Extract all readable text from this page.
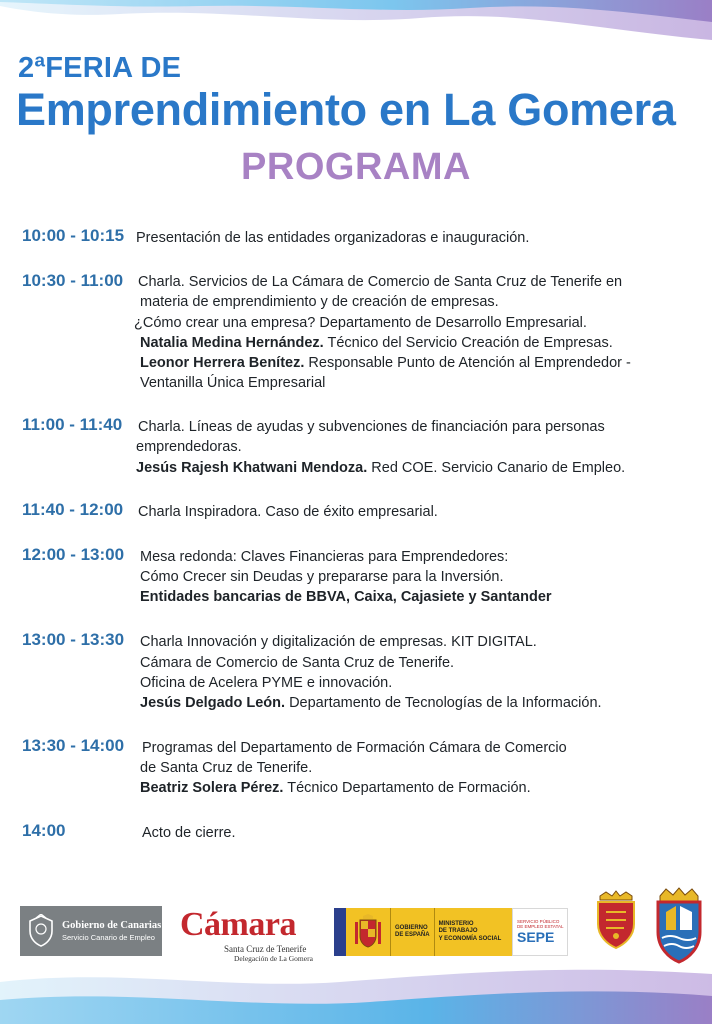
2ªFERIA DE
Emprendimiento en La Gomera
PROGRAMA
10:00 - 10:15 Presentación de las entidades organizadoras e inauguración.
10:30 - 11:00 Charla. Servicios de La Cámara de Comercio de Santa Cruz de Tenerife en
materia de emprendimiento y de creación de empresas.
¿Cómo crear una empresa? Departamento de Desarrollo Empresarial.
Natalia Medina Hernández. Técnico del Servicio Creación de Empresas.
Leonor Herrera Benítez. Responsable Punto de Atención al Emprendedor -
Ventanilla Única Empresarial
11:00 - 11:40 Charla. Líneas de ayudas y subvenciones de financiación para personas
emprendedoras.
Jesús Rajesh Khatwani Mendoza. Red COE. Servicio Canario de Empleo.
11:40 - 12:00 Charla Inspiradora. Caso de éxito empresarial.
12:00 - 13:00 Mesa redonda: Claves Financieras para Emprendedores:
Cómo Crecer sin Deudas y prepararse para la Inversión.
Entidades bancarias de BBVA, Caixa, Cajasiete y Santander
13:00 - 13:30 Charla Innovación y digitalización de empresas. KIT DIGITAL.
Cámara de Comercio de Santa Cruz de Tenerife.
Oficina de Acelera PYME e innovación.
Jesús Delgado León. Departamento de Tecnologías de la Información.
13:30 - 14:00 Programas del Departamento de Formación Cámara de Comercio
de Santa Cruz de Tenerife.
Beatriz Solera Pérez. Técnico Departamento de Formación.
14:00	Acto de cierre.
Gobierno de Canarias
Servicio Canario de Empleo Cámara
Santa Cruz de Tenerife
Delegación de La Gomera
GOBIERNO
DE ESPAÑA
MINISTERIO
DE TRABAJO
Y ECONOMÍA SOCIAL
SERVICIO PÚBLICO
DE EMPLEO ESTATAL
SEPE
